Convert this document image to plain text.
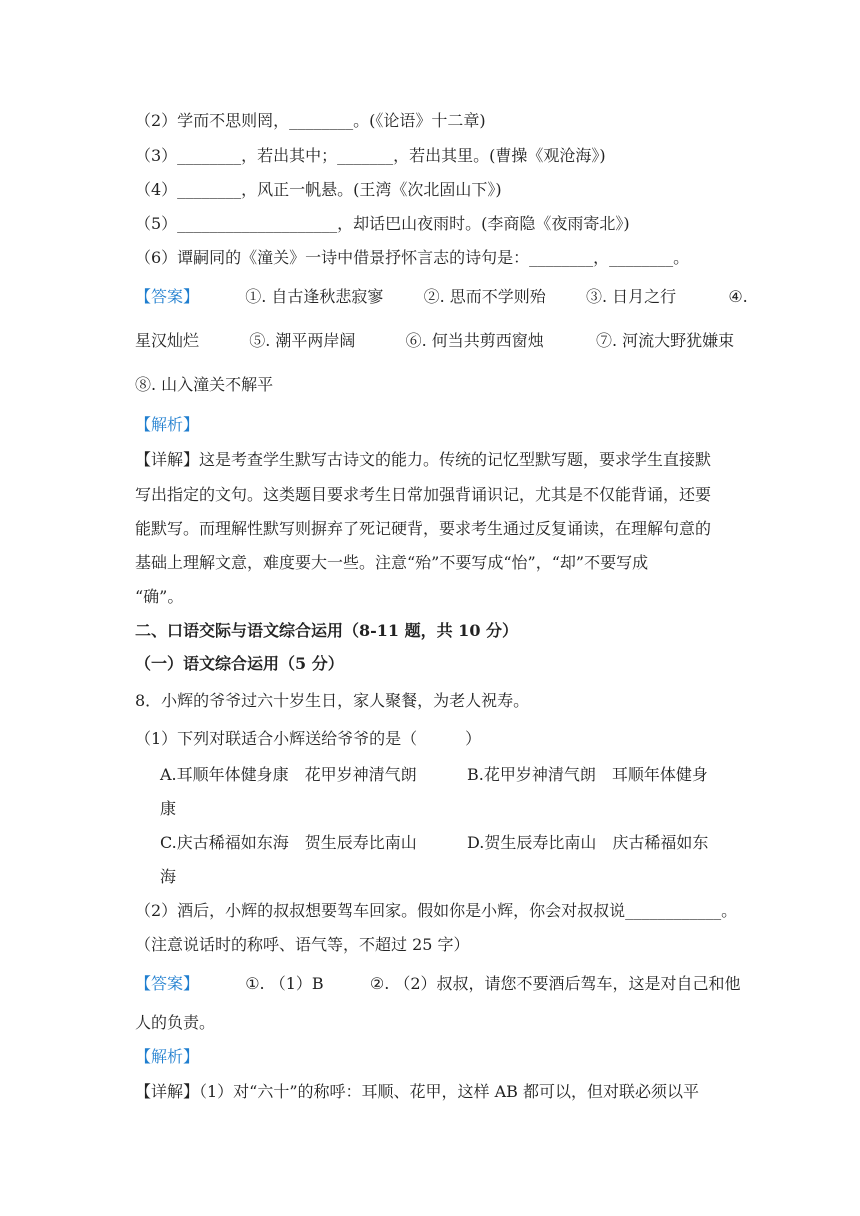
（2）学而不思则罔，________。(《论语》十二章)
（3）________，若出其中；_______，若出其里。(曹操《观沧海》)
（4）________，风正一帆悬。(王湾《次北固山下》)
（5）____________________，却话巴山夜雨时。(李商隐《夜雨寄北》)
（6）谭嗣同的《潼关》一诗中借景抒怀言志的诗句是：________，________。
【答案】	①. 自古逢秋悲寂寥	②. 思而不学则殆	③. 日月之行	④.
星汉灿烂	⑤. 潮平两岸阔	⑥. 何当共剪西窗烛	⑦. 河流大野犹嫌束
⑧. 山入潼关不解平
【解析】
【详解】这是考查学生默写古诗文的能力。传统的记忆型默写题，要求学生直接默
写出指定的文句。这类题目要求考生日常加强背诵识记，尤其是不仅能背诵，还要
能默写。而理解性默写则摒弃了死记硬背，要求考生通过反复诵读，在理解句意的
基础上理解文意，难度要大一些。注意“殆”不要写成“怡”，“却”不要写成
“确”。
二、口语交际与语文综合运用（8-11 题，共 10 分）
（一）语文综合运用（5 分）
8．小辉的爷爷过六十岁生日，家人聚餐，为老人祝寿。
（1）下列对联适合小辉送给爷爷的是（　　　）
A.耳顺年体健身康　花甲岁神清气朗	B.花甲岁神清气朗　耳顺年体健身
康
C.庆古稀福如东海　贺生辰寿比南山	D.贺生辰寿比南山　庆古稀福如东
海
（2）酒后，小辉的叔叔想要驾车回家。假如你是小辉，你会对叔叔说____________。
（注意说话时的称呼、语气等，不超过 25 字）
【答案】	①. （1）B	②. （2）叔叔，请您不要酒后驾车，这是对自己和他
人的负责。
【解析】
【详解】（1）对“六十”的称呼：耳顺、花甲，这样 AB 都可以，但对联必须以平
